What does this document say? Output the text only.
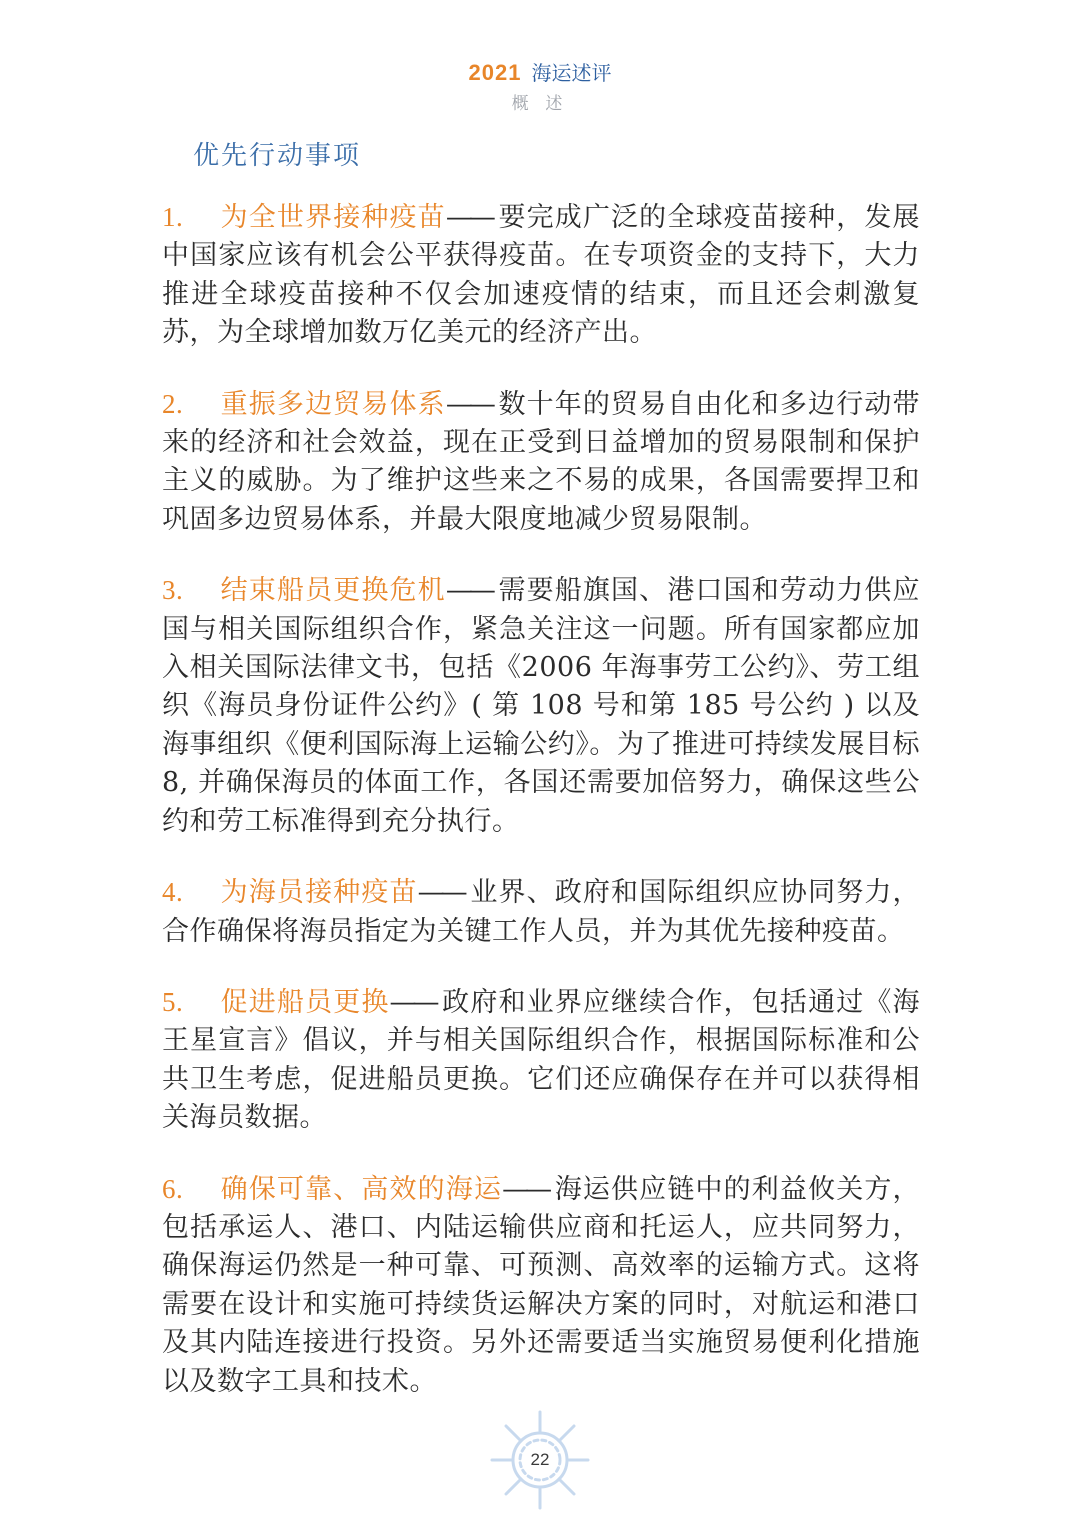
2021 海运述评
概 述
优先行动事项
1. 为全世界接种疫苗—— 要完成广泛的全球疫苗接种，发展中国家应该有机会公平获得疫苗。在专项资金的支持下，大力推进全球疫苗接种不仅会加速疫情的结束，而且还会刺激复苏，为全球增加数万亿美元的经济产出。
2. 重振多边贸易体系—— 数十年的贸易自由化和多边行动带来的经济和社会效益，现在正受到日益增加的贸易限制和保护主义的威胁。为了维护这些来之不易的成果，各国需要捍卫和巩固多边贸易体系，并最大限度地减少贸易限制。
3. 结束船员更换危机—— 需要船旗国、港口国和劳动力供应国与相关国际组织合作，紧急关注这一问题。所有国家都应加入相关国际法律文书，包括《2006 年海事劳工公约》、劳工组织《海员身份证件公约》( 第 108 号和第 185 号公约 ) 以及海事组织《便利国际海上运输公约》。为了推进可持续发展目标 8, 并确保海员的体面工作，各国还需要加倍努力，确保这些公约和劳工标准得到充分执行。
4. 为海员接种疫苗—— 业界、政府和国际组织应协同努力，合作确保将海员指定为关键工作人员，并为其优先接种疫苗。
5. 促进船员更换—— 政府和业界应继续合作，包括通过《海王星宣言》倡议，并与相关国际组织合作，根据国际标准和公共卫生考虑，促进船员更换。它们还应确保存在并可以获得相关海员数据。
6. 确保可靠、高效的海运—— 海运供应链中的利益攸关方，包括承运人、港口、内陆运输供应商和托运人，应共同努力，确保海运仍然是一种可靠、可预测、高效率的运输方式。这将需要在设计和实施可持续货运解决方案的同时，对航运和港口及其内陆连接进行投资。另外还需要适当实施贸易便利化措施以及数字工具和技术。
22
